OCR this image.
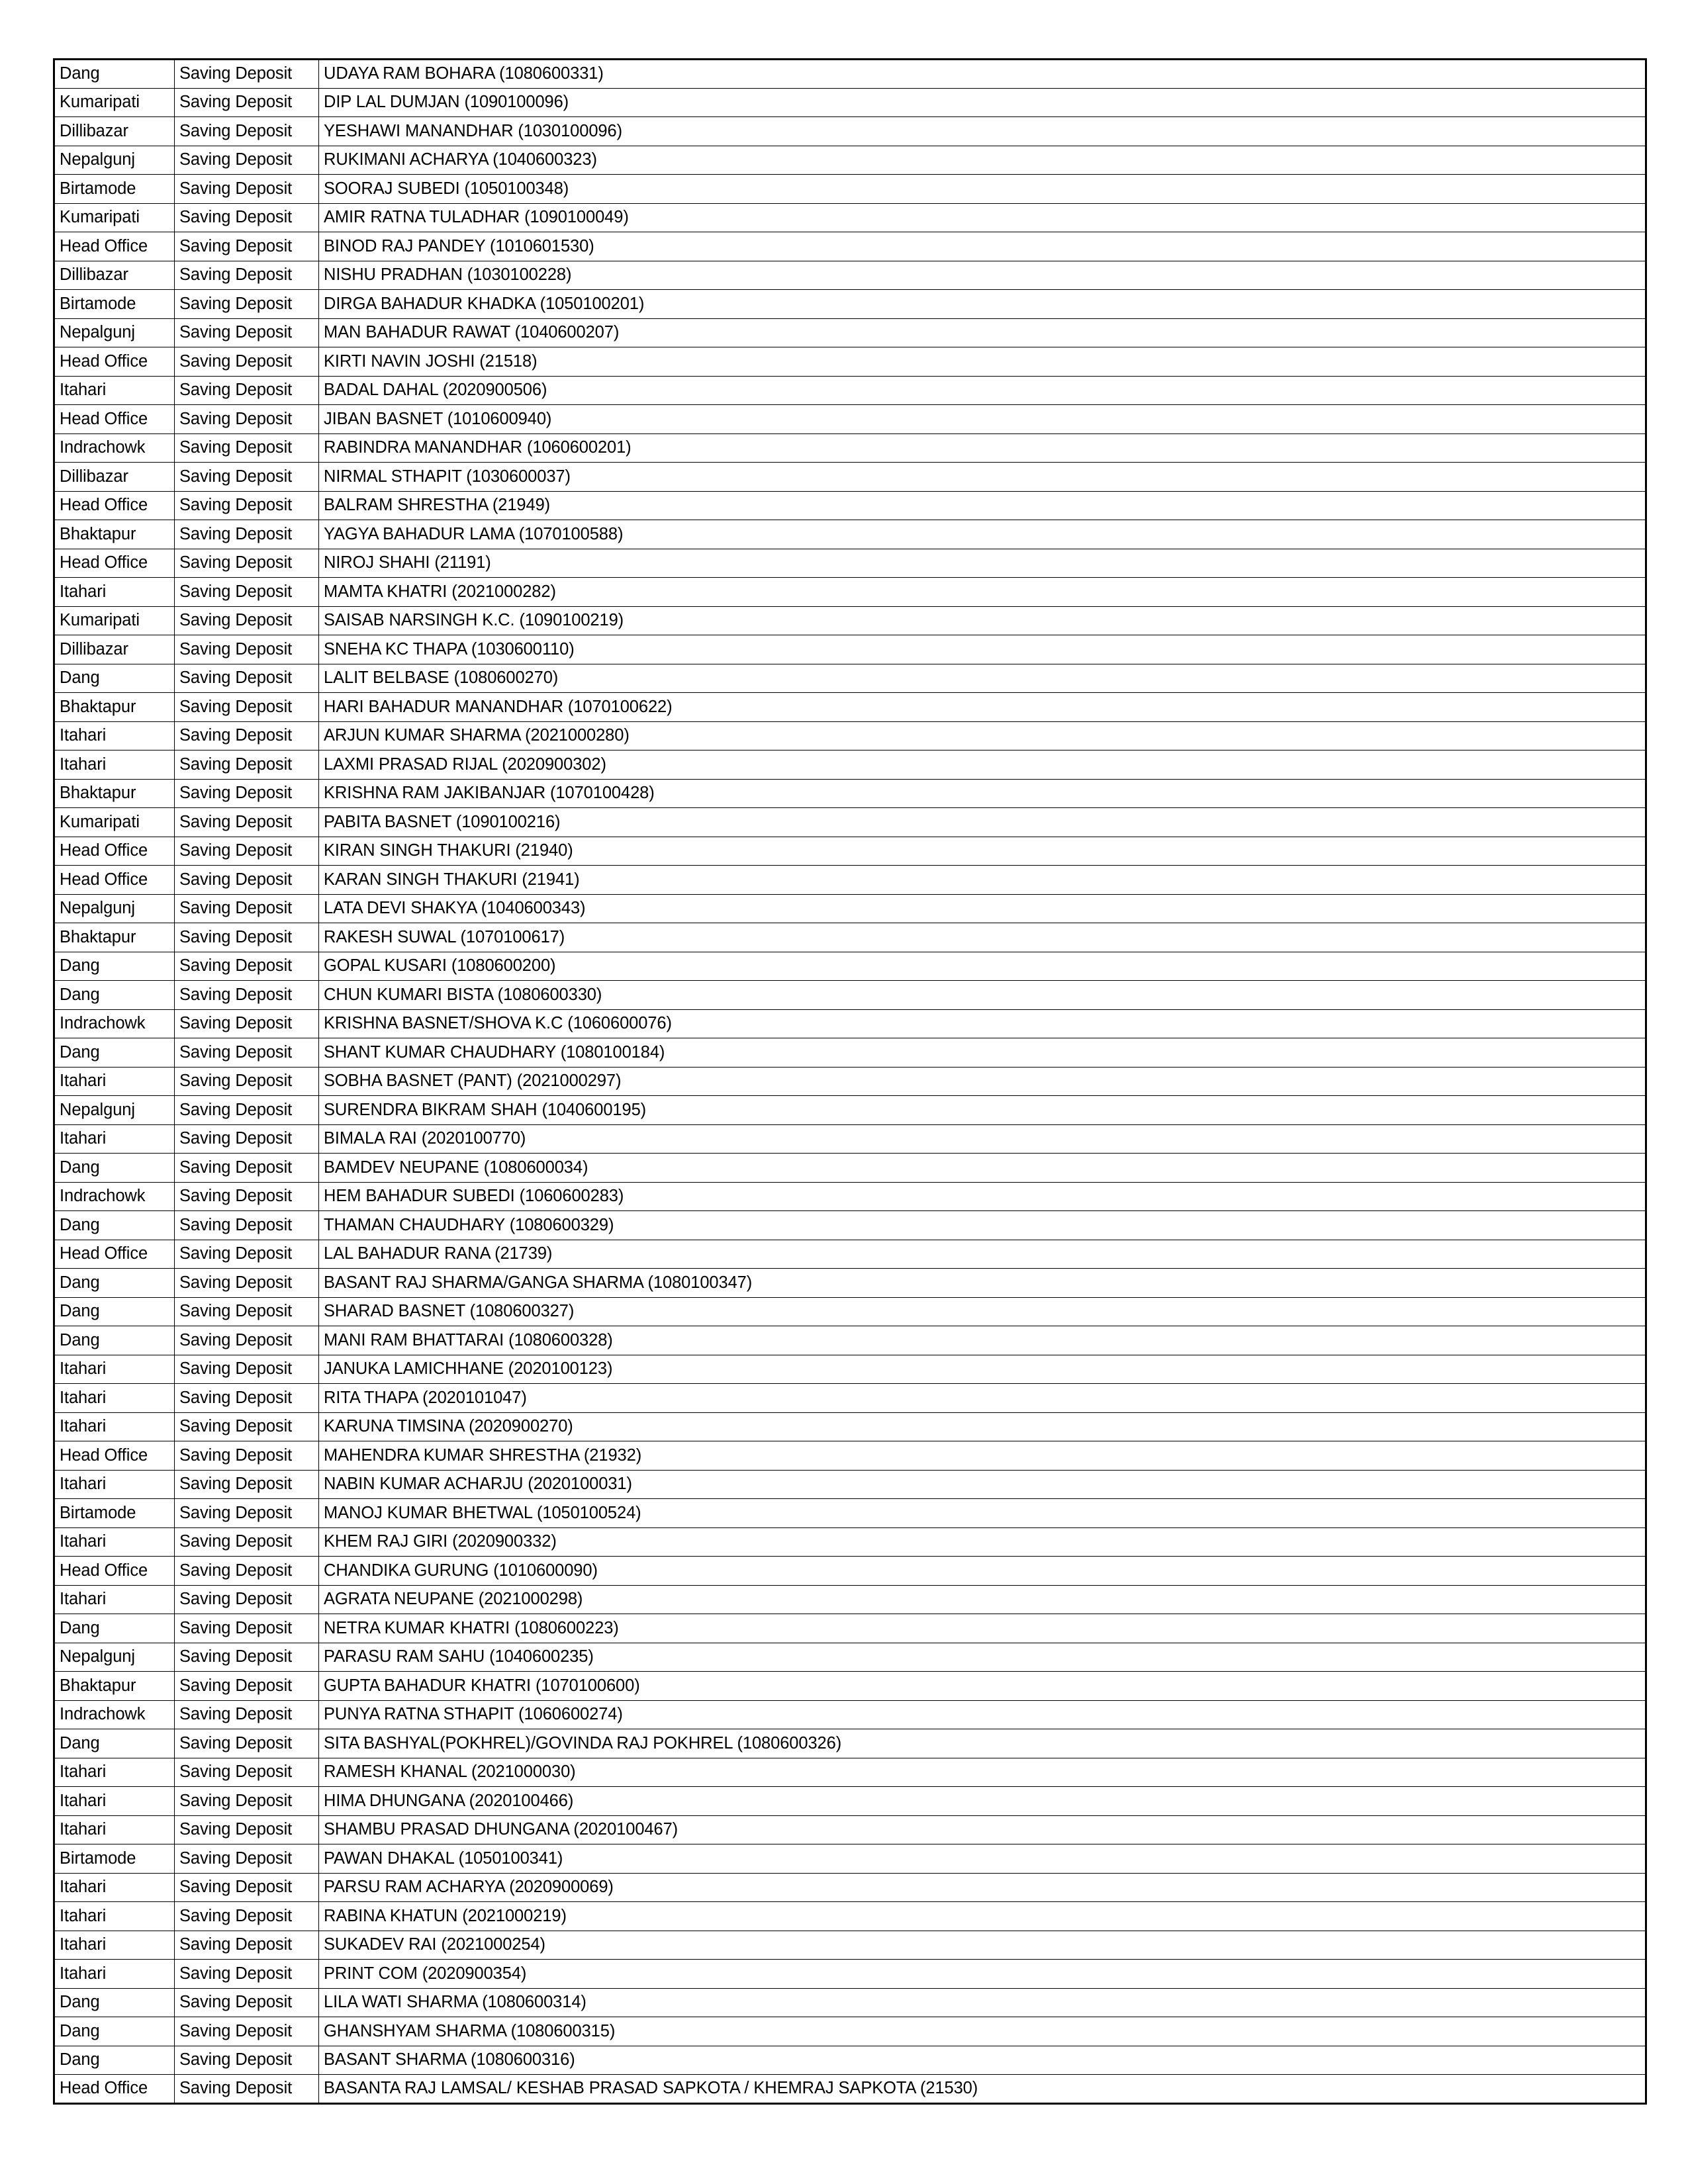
Dang	Saving Deposit	UDAYA RAM BOHARA (1080600331)
Kumaripati	Saving Deposit	DIP LAL DUMJAN (1090100096)
Dillibazar	Saving Deposit	YESHAWI MANANDHAR (1030100096)
Nepalgunj	Saving Deposit	RUKIMANI ACHARYA (1040600323)
Birtamode	Saving Deposit	SOORAJ SUBEDI (1050100348)
Kumaripati	Saving Deposit	AMIR RATNA TULADHAR (1090100049)
Head Office	Saving Deposit	BINOD RAJ PANDEY (1010601530)
Dillibazar	Saving Deposit	NISHU PRADHAN (1030100228)
Birtamode	Saving Deposit	DIRGA BAHADUR KHADKA (1050100201)
Nepalgunj	Saving Deposit	MAN BAHADUR RAWAT (1040600207)
Head Office	Saving Deposit	KIRTI NAVIN JOSHI (21518)
Itahari	Saving Deposit	BADAL DAHAL (2020900506)
Head Office	Saving Deposit	JIBAN BASNET (1010600940)
Indrachowk	Saving Deposit	RABINDRA MANANDHAR (1060600201)
Dillibazar	Saving Deposit	NIRMAL STHAPIT (1030600037)
Head Office	Saving Deposit	BALRAM SHRESTHA (21949)
Bhaktapur	Saving Deposit	YAGYA BAHADUR LAMA (1070100588)
Head Office	Saving Deposit	NIROJ SHAHI (21191)
Itahari	Saving Deposit	MAMTA KHATRI (2021000282)
Kumaripati	Saving Deposit	SAISAB NARSINGH K.C. (1090100219)
Dillibazar	Saving Deposit	SNEHA KC THAPA (1030600110)
Dang	Saving Deposit	LALIT BELBASE (1080600270)
Bhaktapur	Saving Deposit	HARI BAHADUR MANANDHAR (1070100622)
Itahari	Saving Deposit	ARJUN KUMAR SHARMA (2021000280)
Itahari	Saving Deposit	LAXMI PRASAD RIJAL (2020900302)
Bhaktapur	Saving Deposit	KRISHNA RAM JAKIBANJAR (1070100428)
Kumaripati	Saving Deposit	PABITA BASNET (1090100216)
Head Office	Saving Deposit	KIRAN SINGH THAKURI (21940)
Head Office	Saving Deposit	KARAN SINGH THAKURI (21941)
Nepalgunj	Saving Deposit	LATA DEVI SHAKYA (1040600343)
Bhaktapur	Saving Deposit	RAKESH SUWAL (1070100617)
Dang	Saving Deposit	GOPAL KUSARI (1080600200)
Dang	Saving Deposit	CHUN KUMARI BISTA (1080600330)
Indrachowk	Saving Deposit	KRISHNA BASNET/SHOVA K.C (1060600076)
Dang	Saving Deposit	SHANT KUMAR CHAUDHARY (1080100184)
Itahari	Saving Deposit	SOBHA BASNET (PANT) (2021000297)
Nepalgunj	Saving Deposit	SURENDRA BIKRAM SHAH (1040600195)
Itahari	Saving Deposit	BIMALA RAI (2020100770)
Dang	Saving Deposit	BAMDEV NEUPANE (1080600034)
Indrachowk	Saving Deposit	HEM BAHADUR SUBEDI (1060600283)
Dang	Saving Deposit	THAMAN CHAUDHARY (1080600329)
Head Office	Saving Deposit	LAL BAHADUR RANA (21739)
Dang	Saving Deposit	BASANT RAJ SHARMA/GANGA SHARMA (1080100347)
Dang	Saving Deposit	SHARAD BASNET (1080600327)
Dang	Saving Deposit	MANI RAM BHATTARAI (1080600328)
Itahari	Saving Deposit	JANUKA LAMICHHANE (2020100123)
Itahari	Saving Deposit	RITA THAPA (2020101047)
Itahari	Saving Deposit	KARUNA TIMSINA (2020900270)
Head Office	Saving Deposit	MAHENDRA KUMAR SHRESTHA (21932)
Itahari	Saving Deposit	NABIN KUMAR ACHARJU (2020100031)
Birtamode	Saving Deposit	MANOJ KUMAR BHETWAL (1050100524)
Itahari	Saving Deposit	KHEM RAJ GIRI (2020900332)
Head Office	Saving Deposit	CHANDIKA GURUNG (1010600090)
Itahari	Saving Deposit	AGRATA NEUPANE (2021000298)
Dang	Saving Deposit	NETRA KUMAR KHATRI (1080600223)
Nepalgunj	Saving Deposit	PARASU RAM SAHU (1040600235)
Bhaktapur	Saving Deposit	GUPTA BAHADUR KHATRI (1070100600)
Indrachowk	Saving Deposit	PUNYA RATNA STHAPIT (1060600274)
Dang	Saving Deposit	SITA BASHYAL(POKHREL)/GOVINDA RAJ POKHREL (1080600326)
Itahari	Saving Deposit	RAMESH KHANAL (2021000030)
Itahari	Saving Deposit	HIMA DHUNGANA (2020100466)
Itahari	Saving Deposit	SHAMBU PRASAD DHUNGANA (2020100467)
Birtamode	Saving Deposit	PAWAN DHAKAL (1050100341)
Itahari	Saving Deposit	PARSU RAM ACHARYA (2020900069)
Itahari	Saving Deposit	RABINA KHATUN (2021000219)
Itahari	Saving Deposit	SUKADEV RAI (2021000254)
Itahari	Saving Deposit	PRINT COM (2020900354)
Dang	Saving Deposit	LILA WATI SHARMA (1080600314)
Dang	Saving Deposit	GHANSHYAM SHARMA (1080600315)
Dang	Saving Deposit	BASANT SHARMA (1080600316)
Head Office	Saving Deposit	BASANTA RAJ LAMSAL/ KESHAB PRASAD SAPKOTA / KHEMRAJ SAPKOTA (21530)
